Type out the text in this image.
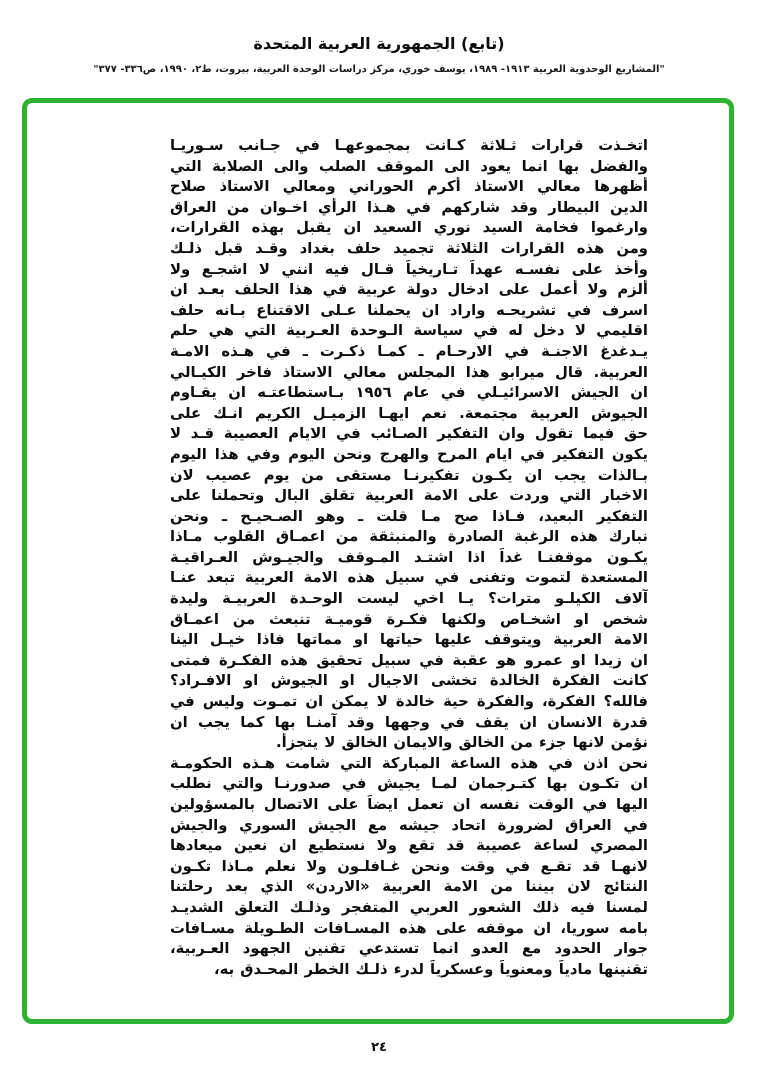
(تابع) الجمهورية العربية المتحدة
"المشاريع الوحدوية العربية ١٩١٣- ١٩٨٩، يوسف خوري، مركز دراسات الوحدة العربية، بيروت، ط٢، ١٩٩٠، ص٣٣٦- ٣٧٧"
اتخـذت قرارات ثـلاثة كـانت بمجموعهـا في جـانب سـوريـا
والفضل بها انما يعود الى الموقف الصلب والى الصلابة التي
أظهرها معالي الاستاذ أكرم الحوراني ومعالي الاستاذ صلاح
الدين البيطار وقد شاركهم في هـذا الرأي اخـوان من العراق
وارغموا فخامة السيد نوري السعيد ان يقبل بهذه القرارات،
ومن هذه القرارات الثلاثة تجميد حلف بغداد وقـد قبل ذلـك
وأخذ على نفسـه عهداً تـاريخياً قـال فيه انني لا اشجـع ولا
ألزم ولا أعمل على ادخال دولة عربية في هذا الحلف بعـد ان
اسرف في تشريحـه واراد ان يحملنا عـلى الاقتناع بـانه حلف
اقليمي لا دخل له في سياسة الـوحدة العـربية التي هي حلم
يـدغدغ الاجنـة في الارحـام ـ كمـا ذكـرت ـ في هـذه الامـة
العربية. قال ميرابو هذا المجلس معالي الاستاذ فاخر الكيـالي
ان الجيش الاسرائيـلي في عام ١٩٥٦ بـاستطاعتـه ان يقـاوم
الجيوش العربية مجتمعة. نعم ايهـا الزميـل الكريم انـك على
حق فيما تقول وان التفكير الصـائب في الايام العصيبة قـد لا
يكون التفكير في ايام المرح والهرج ونحن اليوم وفي هذا اليوم
بـالذات يجب ان يكـون تفكيرنـا مستقى من يوم عصيب لان
الاخبار التي وردت على الامة العربية تقلق البال وتحملنا على
التفكير البعيد، فـاذا صح مـا قلت ـ وهو الصـحيـح ـ ونحن
نبارك هذه الرغبة الصادرة والمنبثقة من اعمـاق القلوب مـاذا
يكـون موقفنـا غداً اذا اشتـد المـوقف والجيـوش العـراقيـة
المستعدة لتموت وتفنى في سبيل هذه الامة العربية تبعد عنـا
آلاف الكيلـو مترات؟ يـا اخي ليست الوحـدة العربيـة وليدة
شخص او اشخـاص ولكنها فكـرة قوميـة تنبعث من اعمـاق
الامة العربية ويتوقف عليها حياتها او مماتها فاذا خيـل الينا
ان زيدا او عمرو هو عقبة في سبيل تحقيق هذه الفكـرة فمتى
كانت الفكرة الخالدة تخشى الاجيال او الجيوش او الافـراد؟
فالله؟ الفكرة، والفكرة حية خالدة لا يمكن ان تمـوت وليس في
قدرة الانسان ان يقف في وجهها وقد آمنـا بها كما يجب ان
نؤمن لانها جزء من الخالق والايمان الخالق لا يتجزأ.
نحن اذن في هذه الساعة المباركة التي شامت هـذه الحكومـة
ان تكـون بها كتـرجمان لمـا يجيش في صدورنـا والتي نطلب
اليها في الوقت نفسه ان تعمل ايضاً على الاتصال بالمسؤولين
في العراق لضرورة اتحاد جيشه مع الجيش السوري والجيش
المصري لساعة عصيبة قد تقع ولا نستطيع ان نعين ميعادها
لانهـا قد تقـع في وقت ونحن غـافلـون ولا نعلم مـاذا تكـون
النتائج لان بيننا من الامة العربية «الاردن» الذي بعد رحلتنا
لمسنا فيه ذلك الشعور العربي المتفجر وذلـك التعلق الشديـد
بامه سوريا، ان موقفه على هذه المسـافات الطـويلة مسـافات
جوار الحدود مع العدو انما تستدعي تقنين الجهود العـربية،
تقنينها مادياً ومعنوياً وعسكرياً لدرء ذلـك الخطر المحـدق به،
٢٤
